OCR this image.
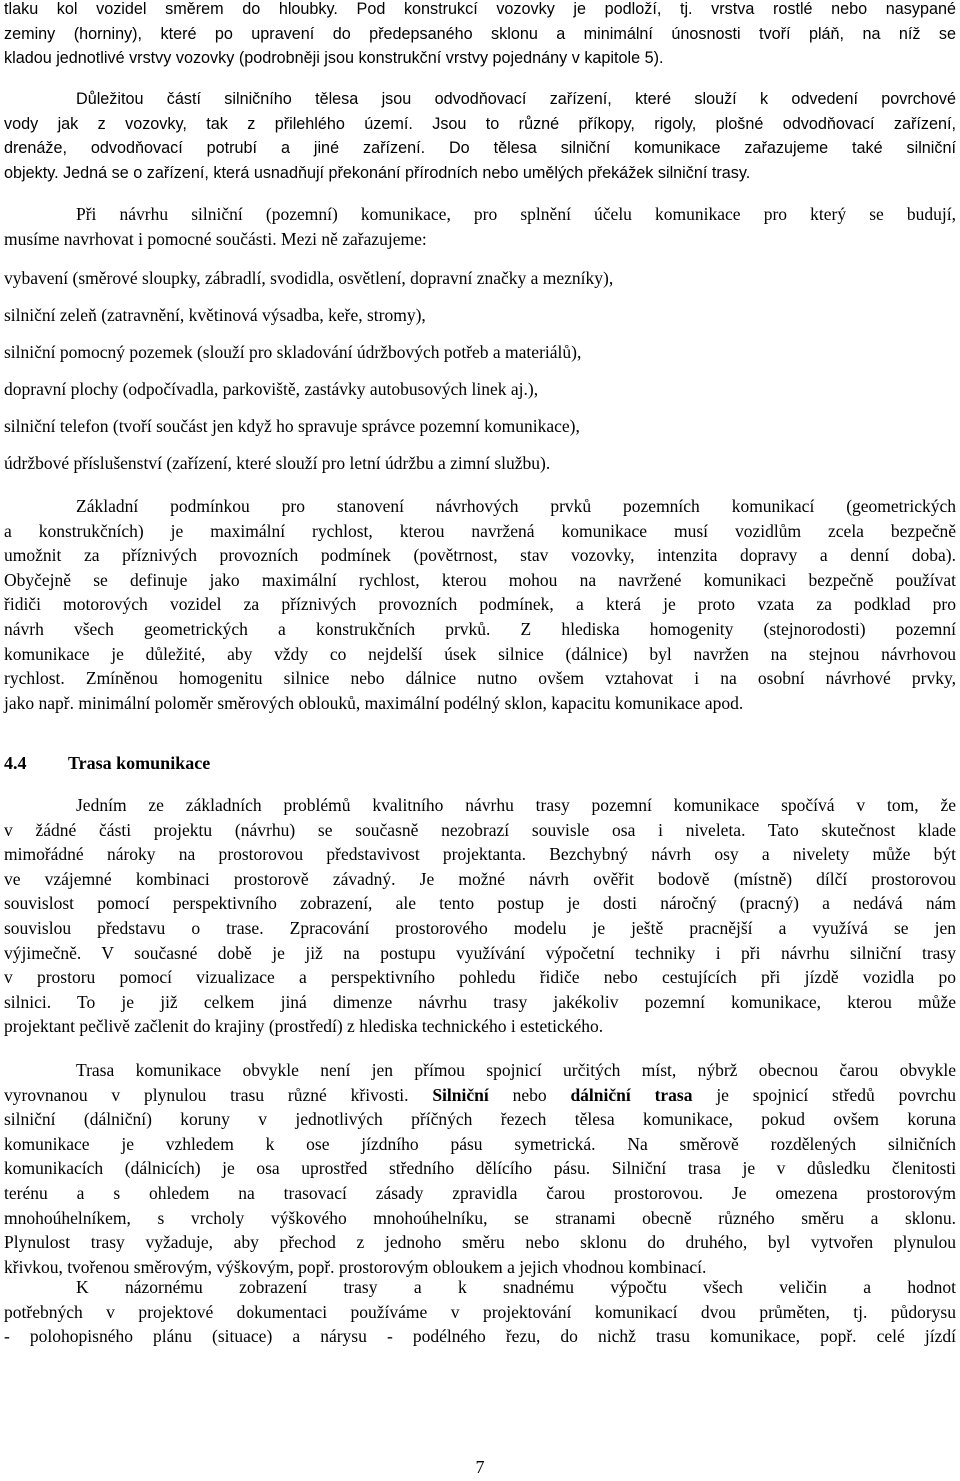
tlaku kol vozidel směrem do hloubky. Pod konstrukcí vozovky je podloží, tj. vrstva rostlé nebo nasypané
zeminy (horniny), které po upravení do předepsaného sklonu a minimální únosnosti tvoří pláň, na níž se
kladou jednotlivé vrstvy vozovky (podrobněji jsou konstrukční vrstvy pojednány v kapitole 5).
Důležitou částí silničního tělesa jsou odvodňovací zařízení, které slouží k odvedení povrchové
vody jak z vozovky, tak z přilehlého území. Jsou to různé příkopy, rigoly, plošné odvodňovací zařízení,
drenáže, odvodňovací potrubí a jiné zařízení. Do tělesa silniční komunikace zařazujeme také silniční
objekty. Jedná se o zařízení, která usnadňují překonání přírodních nebo umělých překážek silniční trasy.
Při návrhu silniční (pozemní) komunikace, pro splnění účelu komunikace pro který se budují,
musíme navrhovat i pomocné součásti. Mezi ně zařazujeme:
vybavení (směrové sloupky, zábradlí, svodidla, osvětlení, dopravní značky a mezníky),
silniční zeleň (zatravnění, květinová výsadba, keře, stromy),
silniční pomocný pozemek (slouží pro skladování údržbových potřeb a materiálů),
dopravní plochy (odpočívadla, parkoviště, zastávky autobusových linek aj.),
silniční telefon (tvoří součást jen když ho spravuje správce pozemní komunikace),
údržbové příslušenství (zařízení, které slouží pro letní údržbu a zimní službu).
Základní podmínkou pro stanovení návrhových prvků pozemních komunikací (geometrických
a konstrukčních) je maximální rychlost, kterou navržená komunikace musí vozidlům zcela bezpečně
umožnit za příznivých provozních podmínek (povětrnost, stav vozovky, intenzita dopravy a denní doba).
Obyčejně se definuje jako maximální rychlost, kterou mohou na navržené komunikaci bezpečně používat
řidiči motorových vozidel za příznivých provozních podmínek, a která je proto vzata za podklad pro
návrh všech geometrických a konstrukčních prvků. Z hlediska homogenity (stejnorodosti) pozemní
komunikace je důležité, aby vždy co nejdelší úsek silnice (dálnice) byl navržen na stejnou návrhovou
rychlost. Zmíněnou homogenitu silnice nebo dálnice nutno ovšem vztahovat i na osobní návrhové prvky,
jako např. minimální poloměr směrových oblouků, maximální podélný sklon, kapacitu komunikace apod.
4.4 Trasa komunikace
Jedním ze základních problémů kvalitního návrhu trasy pozemní komunikace spočívá v tom, že
v žádné části projektu (návrhu) se současně nezobrazí souvisle osa i niveleta. Tato skutečnost klade
mimořádné nároky na prostorovou představivost projektanta. Bezchybný návrh osy a nivelety může být
ve vzájemné kombinaci prostorově závadný. Je možné návrh ověřit bodově (místně) dílčí prostorovou
souvislost pomocí perspektivního zobrazení, ale tento postup je dosti náročný (pracný) a nedává nám
souvislou představu o trase. Zpracování prostorového modelu je ještě pracnější a využívá se jen
výjimečně. V současné době je již na postupu využívání výpočetní techniky i při návrhu silniční trasy
v prostoru pomocí vizualizace a perspektivního pohledu řidiče nebo cestujících při jízdě vozidla po
silnici. To je již celkem jiná dimenze návrhu trasy jakékoliv pozemní komunikace, kterou může
projektant pečlivě začlenit do krajiny (prostředí) z hlediska technického i estetického.
Trasa komunikace obvykle není jen přímou spojnicí určitých míst, nýbrž obecnou čarou obvykle
vyrovnanou v plynulou trasu různé křivosti. Silniční nebo dálniční trasa je spojnicí středů povrchu
silniční (dálniční) koruny v jednotlivých příčných řezech tělesa komunikace, pokud ovšem koruna
komunikace je vzhledem k ose jízdního pásu symetrická. Na směrově rozdělených silničních
komunikacích (dálnicích) je osa uprostřed středního dělícího pásu. Silniční trasa je v důsledku členitosti
terénu a s ohledem na trasovací zásady zpravidla čarou prostorovou. Je omezena prostorovým
mnohoúhelníkem, s vrcholy výškového mnohoúhelníku, se stranami obecně různého směru a sklonu.
Plynulost trasy vyžaduje, aby přechod z jednoho směru nebo sklonu do druhého, byl vytvořen plynulou
křivkou, tvořenou směrovým, výškovým, popř. prostorovým obloukem a jejich vhodnou kombinací.
K názornému zobrazení trasy a k snadnému výpočtu všech veličin a hodnot
potřebných v projektové dokumentaci používáme v projektování komunikací dvou průměten, tj. půdorysu
- polohopisného plánu (situace) a nárysu - podélného řezu, do nichž trasu komunikace, popř. celé jízdí
7
